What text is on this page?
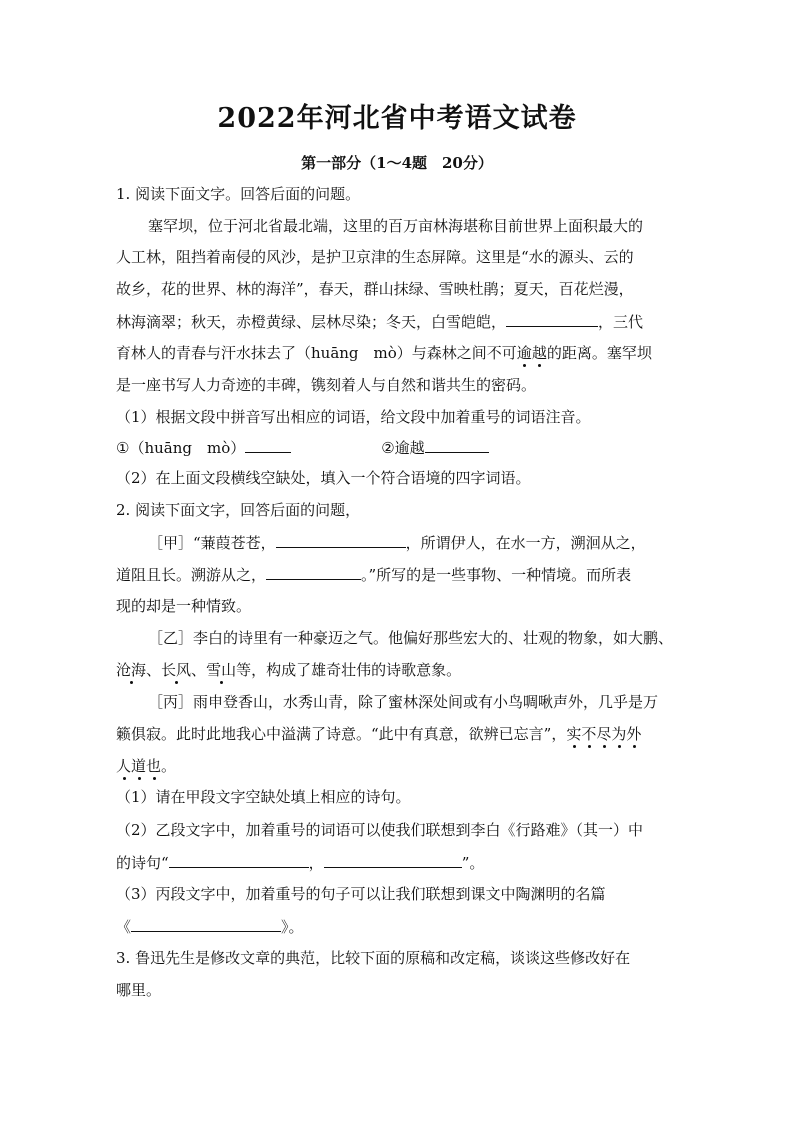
2022年河北省中考语文试卷
第一部分（1～4题　20分）
1. 阅读下面文字。回答后面的问题。
塞罕坝，位于河北省最北端，这里的百万亩林海堪称目前世界上面积最大的
人工林，阻挡着南侵的风沙，是护卫京津的生态屏障。这里是“水的源头、云的
故乡，花的世界、林的海洋”，春天，群山抹绿、雪映杜鹃；夏天，百花烂漫，
林海滴翠；秋天，赤橙黄绿、层林尽染；冬天，白雪皑皑，	，三代
育林人的青春与汗水抹去了（huāng　mò）与森林之间不可逾越的距离。塞罕坝
是一座书写人力奇迹的丰碑，镌刻着人与自然和谐共生的密码。
（1）根据文段中拼音写出相应的词语，给文段中加着重号的词语注音。
①（huāng　mò）	②逾越
（2）在上面文段横线空缺处，填入一个符合语境的四字词语。
2. 阅读下面文字，回答后面的问题，
［甲］“蒹葭苍苍，	，所谓伊人，在水一方，溯洄从之，
道阻且长。溯游从之，	。”所写的是一些事物、一种情境。而所表
现的却是一种情致。
［乙］李白的诗里有一种豪迈之气。他偏好那些宏大的、壮观的物象，如大鹏、
沧海、长风、雪山等，构成了雄奇壮伟的诗歌意象。
［丙］雨申登香山，水秀山青，除了蜜林深处间或有小鸟啁啾声外，几乎是万
籁俱寂。此时此地我心中溢满了诗意。“此中有真意，欲辨已忘言”，实不尽为外
人道也。
（1）请在甲段文字空缺处填上相应的诗句。
（2）乙段文字中，加着重号的词语可以使我们联想到李白《行路难》（其一）中
的诗句“	，	”。
（3）丙段文字中，加着重号的句子可以让我们联想到课文中陶渊明的名篇
《	》。
3. 鲁迅先生是修改文章的典范，比较下面的原稿和改定稿，谈谈这些修改好在
哪里。
